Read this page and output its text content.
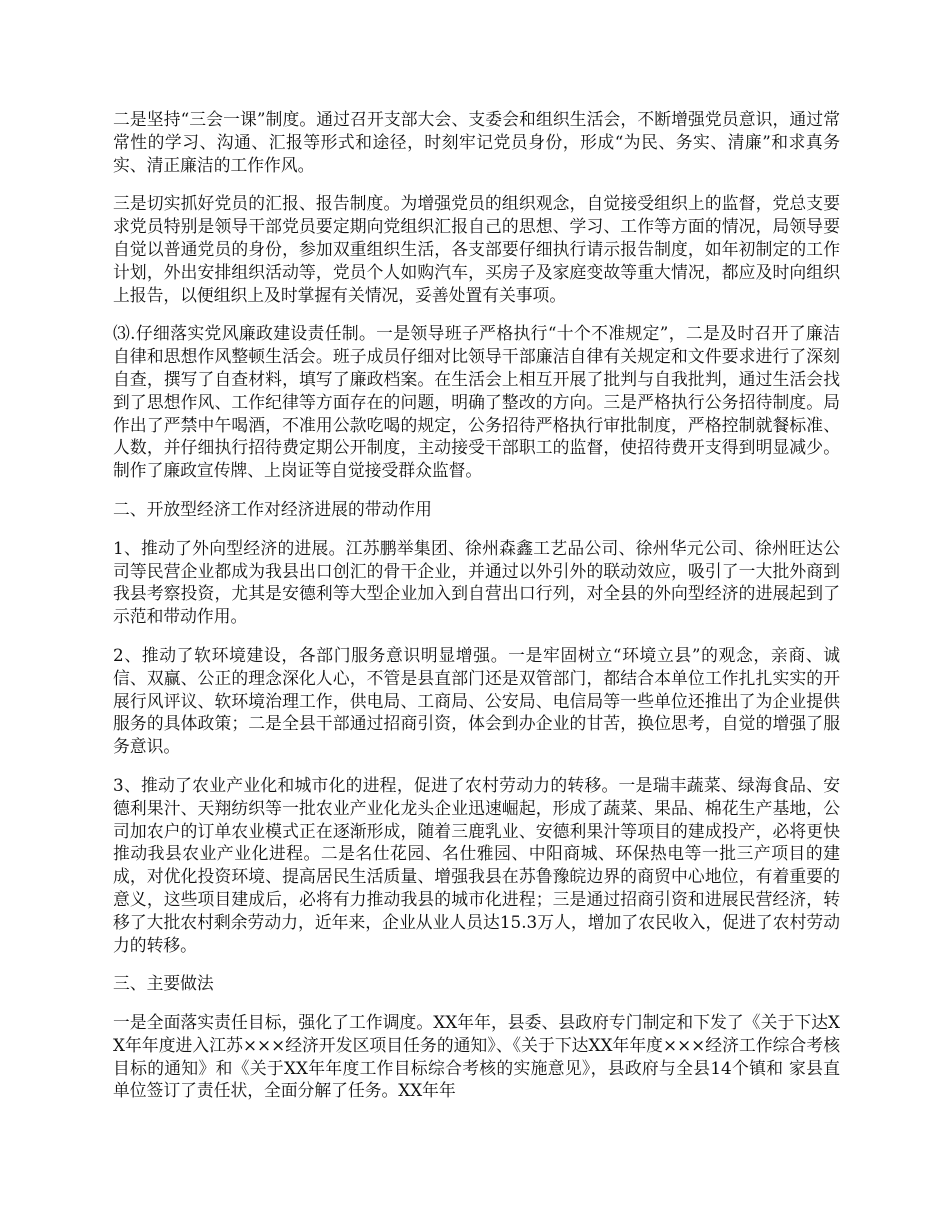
二是坚持“三会一课”制度。通过召开支部大会、支委会和组织生活会，不断增强党员意识，通过常常性的学习、沟通、汇报等形式和途径，时刻牢记党员身份，形成“为民、务实、清廉”和求真务实、清正廉洁的工作作风。

三是切实抓好党员的汇报、报告制度。为增强党员的组织观念，自觉接受组织上的监督，党总支要求党员特别是领导干部党员要定期向党组织汇报自己的思想、学习、工作等方面的情况，局领导要自觉以普通党员的身份，参加双重组织生活，各支部要仔细执行请示报告制度，如年初制定的工作计划，外出安排组织活动等，党员个人如购汽车，买房子及家庭变故等重大情况，都应及时向组织上报告，以便组织上及时掌握有关情况，妥善处置有关事项。

⑶.仔细落实党风廉政建设责任制。一是领导班子严格执行“十个不准规定”，二是及时召开了廉洁自律和思想作风整顿生活会。班子成员仔细对比领导干部廉洁自律有关规定和文件要求进行了深刻自查，撰写了自查材料，填写了廉政档案。在生活会上相互开展了批判与自我批判，通过生活会找到了思想作风、工作纪律等方面存在的问题，明确了整改的方向。三是严格执行公务招待制度。局作出了严禁中午喝酒，不准用公款吃喝的规定，公务招待严格执行审批制度，严格控制就餐标准、人数，并仔细执行招待费定期公开制度，主动接受干部职工的监督，使招待费开支得到明显减少。制作了廉政宣传牌、上岗证等自觉接受群众监督。

二、开放型经济工作对经济进展的带动作用

1、推动了外向型经济的进展。江苏鹏举集团、徐州森鑫工艺品公司、徐州华元公司、徐州旺达公司等民营企业都成为我县出口创汇的骨干企业，并通过以外引外的联动效应，吸引了一大批外商到我县考察投资，尤其是安德利等大型企业加入到自营出口行列，对全县的外向型经济的进展起到了示范和带动作用。

2、推动了软环境建设，各部门服务意识明显增强。一是牢固树立“环境立县”的观念，亲商、诚信、双赢、公正的理念深化人心，不管是县直部门还是双管部门，都结合本单位工作扎扎实实的开展行风评议、软环境治理工作，供电局、工商局、公安局、电信局等一些单位还推出了为企业提供服务的具体政策；二是全县干部通过招商引资，体会到办企业的甘苦，换位思考，自觉的增强了服务意识。

3、推动了农业产业化和城市化的进程，促进了农村劳动力的转移。一是瑞丰蔬菜、绿海食品、安德利果汁、天翔纺织等一批农业产业化龙头企业迅速崛起，形成了蔬菜、果品、棉花生产基地，公司加农户的订单农业模式正在逐渐形成，随着三鹿乳业、安德利果汁等项目的建成投产，必将更快推动我县农业产业化进程。二是名仕花园、名仕雅园、中阳商城、环保热电等一批三产项目的建成，对优化投资环境、提高居民生活质量、增强我县在苏鲁豫皖边界的商贸中心地位，有着重要的意义，这些项目建成后，必将有力推动我县的城市化进程；三是通过招商引资和进展民营经济，转移了大批农村剩余劳动力，近年来，企业从业人员达15.3万人，增加了农民收入，促进了农村劳动力的转移。

三、主要做法

一是全面落实责任目标，强化了工作调度。XX年年，县委、县政府专门制定和下发了《关于下达XX年年度进入江苏×××经济开发区项目任务的通知》、《关于下达XX年年度×××经济工作综合考核目标的通知》和《关于XX年年度工作目标综合考核的实施意见》，县政府与全县14个镇和 家县直单位签订了责任状，全面分解了任务。XX年年
